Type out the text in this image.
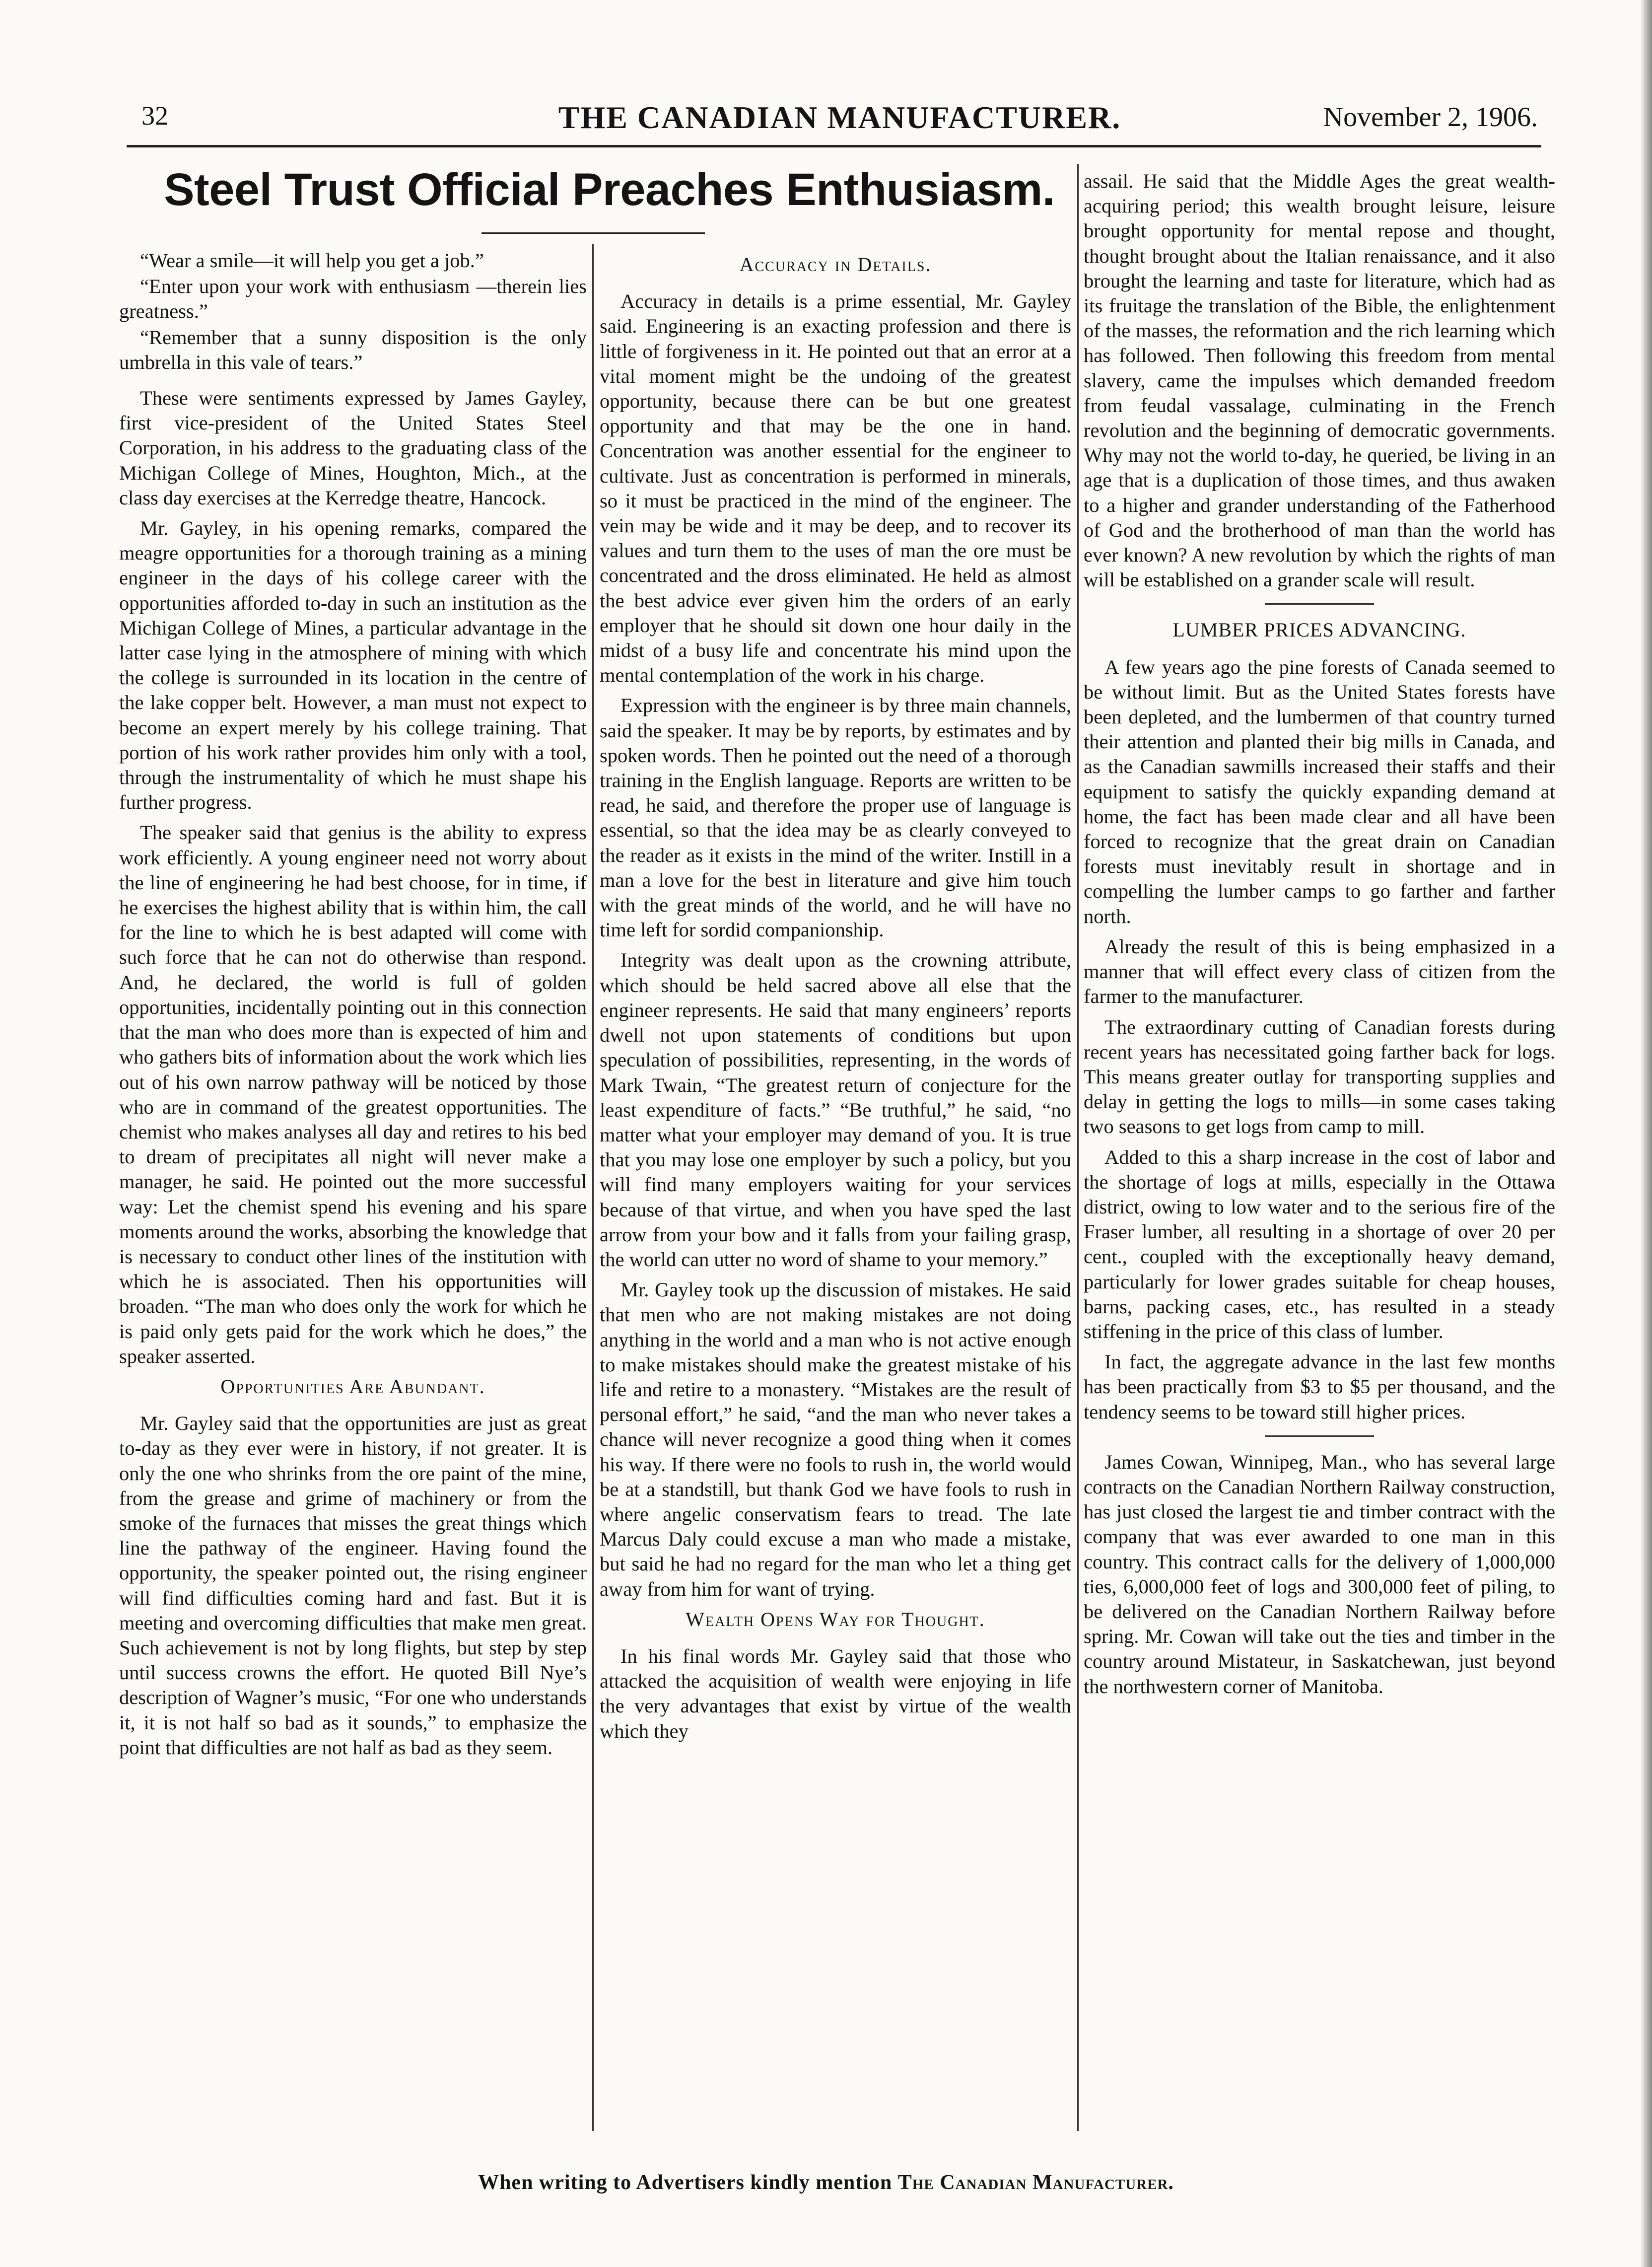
32	THE CANADIAN MANUFACTURER.	November 2, 1906.
Steel Trust Official Preaches Enthusiasm.

“Wear a smile—it will help you get a job.”

“Enter upon your work with enthusiasm —therein lies greatness.”

“Remember that a sunny disposition is the only umbrella in this vale of tears.”

These were sentiments expressed by James Gayley, first vice-president of the United States Steel Corporation, in his address to the graduating class of the Michigan College of Mines, Houghton, Mich., at the class day exercises at the Kerredge theatre, Hancock.

Mr. Gayley, in his opening remarks, compared the meagre opportunities for a thorough training as a mining engineer in the days of his college career with the opportunities afforded to-day in such an institution as the Michigan College of Mines, a particular advantage in the latter case lying in the atmosphere of mining with which the college is surrounded in its location in the centre of the lake copper belt. However, a man must not expect to become an expert merely by his college training. That portion of his work rather provides him only with a tool, through the instrumentality of which he must shape his further progress.

The speaker said that genius is the ability to express work efficiently. A young engineer need not worry about the line of engineering he had best choose, for in time, if he exercises the highest ability that is within him, the call for the line to which he is best adapted will come with such force that he can not do otherwise than respond. And, he declared, the world is full of golden opportunities, incidentally pointing out in this connection that the man who does more than is expected of him and who gathers bits of information about the work which lies out of his own narrow pathway will be noticed by those who are in command of the greatest opportunities. The chemist who makes analyses all day and retires to his bed to dream of precipitates all night will never make a manager, he said. He pointed out the more successful way: Let the chemist spend his evening and his spare moments around the works, absorbing the knowledge that is necessary to conduct other lines of the institution with which he is associated. Then his opportunities will broaden. “The man who does only the work for which he is paid only gets paid for the work which he does,” the speaker asserted.

Opportunities Are Abundant.

Mr. Gayley said that the opportunities are just as great to-day as they ever were in history, if not greater. It is only the one who shrinks from the ore paint of the mine, from the grease and grime of machinery or from the smoke of the furnaces that misses the great things which line the pathway of the engineer. Having found the opportunity, the speaker pointed out, the rising engineer will find difficulties coming hard and fast. But it is meeting and overcoming difficulties that make men great. Such achievement is not by long flights, but step by step until success crowns the effort. He quoted Bill Nye’s description of Wagner’s music, “For one who understands it, it is not half so bad as it sounds,” to emphasize the point that difficulties are not half as bad as they seem.

Accuracy in Details.

Accuracy in details is a prime essential, Mr. Gayley said. Engineering is an exacting profession and there is little of forgiveness in it. He pointed out that an error at a vital moment might be the undoing of the greatest opportunity, because there can be but one greatest opportunity and that may be the one in hand. Concentration was another essential for the engineer to cultivate. Just as concentration is performed in minerals, so it must be practiced in the mind of the engineer. The vein may be wide and it may be deep, and to recover its values and turn them to the uses of man the ore must be concentrated and the dross eliminated. He held as almost the best advice ever given him the orders of an early employer that he should sit down one hour daily in the midst of a busy life and concentrate his mind upon the mental contemplation of the work in his charge.

Expression with the engineer is by three main channels, said the speaker. It may be by reports, by estimates and by spoken words. Then he pointed out the need of a thorough training in the English language. Reports are written to be read, he said, and therefore the proper use of language is essential, so that the idea may be as clearly conveyed to the reader as it exists in the mind of the writer. Instill in a man a love for the best in literature and give him touch with the great minds of the world, and he will have no time left for sordid companionship.

Integrity was dealt upon as the crowning attribute, which should be held sacred above all else that the engineer represents. He said that many engineers’ reports dwell not upon statements of conditions but upon speculation of possibilities, representing, in the words of Mark Twain, “The greatest return of conjecture for the least expenditure of facts.” “Be truthful,” he said, “no matter what your employer may demand of you. It is true that you may lose one employer by such a policy, but you will find many employers waiting for your services because of that virtue, and when you have sped the last arrow from your bow and it falls from your failing grasp, the world can utter no word of shame to your memory.”

Mr. Gayley took up the discussion of mistakes. He said that men who are not making mistakes are not doing anything in the world and a man who is not active enough to make mistakes should make the greatest mistake of his life and retire to a monastery. “Mistakes are the result of personal effort,” he said, “and the man who never takes a chance will never recognize a good thing when it comes his way. If there were no fools to rush in, the world would be at a standstill, but thank God we have fools to rush in where angelic conservatism fears to tread. The late Marcus Daly could excuse a man who made a mistake, but said he had no regard for the man who let a thing get away from him for want of trying.

Wealth Opens Way for Thought.

In his final words Mr. Gayley said that those who attacked the acquisition of wealth were enjoying in life the very advantages that exist by virtue of the wealth which they

assail. He said that the Middle Ages the great wealth-acquiring period; this wealth brought leisure, leisure brought opportunity for mental repose and thought, thought brought about the Italian renaissance, and it also brought the learning and taste for literature, which had as its fruitage the translation of the Bible, the enlightenment of the masses, the reformation and the rich learning which has followed. Then following this freedom from mental slavery, came the impulses which demanded freedom from feudal vassalage, culminating in the French revolution and the beginning of democratic governments. Why may not the world to-day, he queried, be living in an age that is a duplication of those times, and thus awaken to a higher and grander understanding of the Fatherhood of God and the brotherhood of man than the world has ever known? A new revolution by which the rights of man will be established on a grander scale will result.

LUMBER PRICES ADVANCING.

A few years ago the pine forests of Canada seemed to be without limit. But as the United States forests have been depleted, and the lumbermen of that country turned their attention and planted their big mills in Canada, and as the Canadian sawmills increased their staffs and their equipment to satisfy the quickly expanding demand at home, the fact has been made clear and all have been forced to recognize that the great drain on Canadian forests must inevitably result in shortage and in compelling the lumber camps to go farther and farther north.

Already the result of this is being emphasized in a manner that will effect every class of citizen from the farmer to the manufacturer.

The extraordinary cutting of Canadian forests during recent years has necessitated going farther back for logs. This means greater outlay for transporting supplies and delay in getting the logs to mills—in some cases taking two seasons to get logs from camp to mill.

Added to this a sharp increase in the cost of labor and the shortage of logs at mills, especially in the Ottawa district, owing to low water and to the serious fire of the Fraser lumber, all resulting in a shortage of over 20 per cent., coupled with the exceptionally heavy demand, particularly for lower grades suitable for cheap houses, barns, packing cases, etc., has resulted in a steady stiffening in the price of this class of lumber.

In fact, the aggregate advance in the last few months has been practically from $3 to $5 per thousand, and the tendency seems to be toward still higher prices.

James Cowan, Winnipeg, Man., who has several large contracts on the Canadian Northern Railway construction, has just closed the largest tie and timber contract with the company that was ever awarded to one man in this country. This contract calls for the delivery of 1,000,000 ties, 6,000,000 feet of logs and 300,000 feet of piling, to be delivered on the Canadian Northern Railway before spring. Mr. Cowan will take out the ties and timber in the country around Mistateur, in Saskatchewan, just beyond the northwestern corner of Manitoba.

When writing to Advertisers kindly mention The Canadian Manufacturer.
